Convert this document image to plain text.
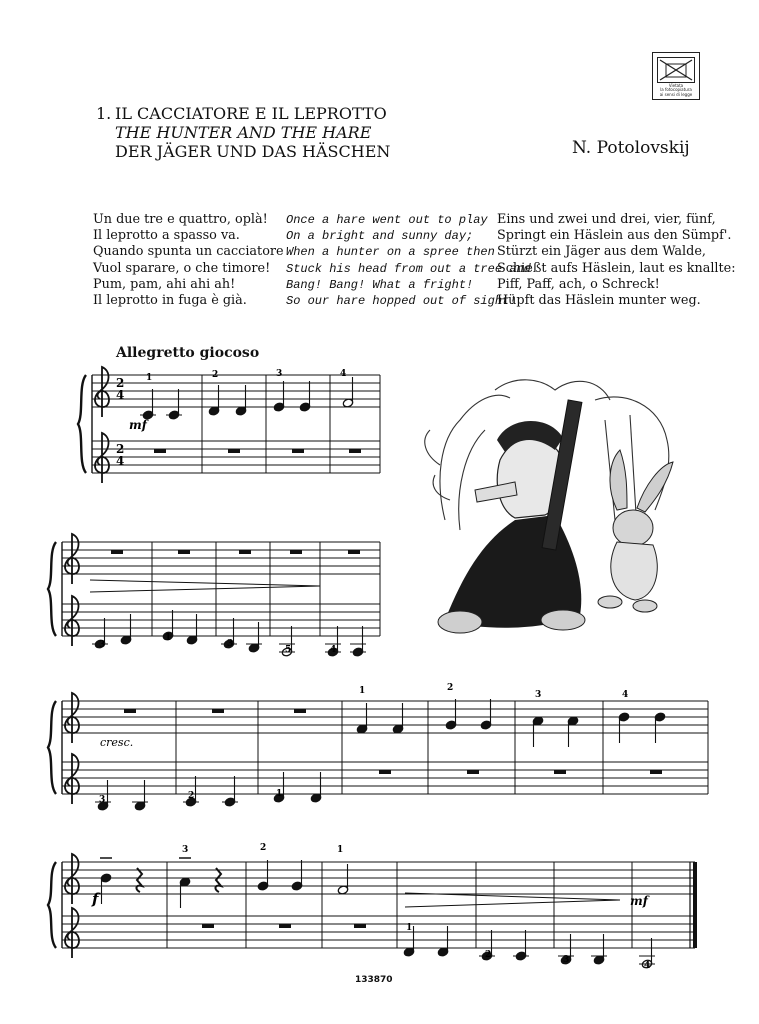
Vietata
la fotocopiatura
ai sensi di legge
1. IL CACCIATORE E IL LEPROTTO
THE HUNTER AND THE HARE
DER JÄGER UND DAS HÄSCHEN	N. Potolovskij
Un due tre e quattro, oplà!
Il leprotto a spasso va.
Quando spunta un cacciatore
Vuol sparare, o che timore!
Pum, pam, ahi ahi ah!
Il leprotto in fuga è già.
Once a hare went out to play
On a bright and sunny day;
When a hunter on a spree then
Stuck his head from out a tree and
Bang! Bang! What a fright!
So our hare hopped out of sight!
Eins und zwei und drei, vier, fünf,
Springt ein Häslein aus den Sümpf'.
Stürzt ein Jäger aus dem Walde,
Schießt aufs Häslein, laut es knallte:
Piff, Paff, ach, o Schreck!
Hüpft das Häslein munter weg.
Allegretto giocoso
mf
cresc.
f	mf
2
4
2
4
1	2	3	4
3
1
3
5	4
1	2
3	4
3	2	1
3	2	1
1
2	3
4
133870
